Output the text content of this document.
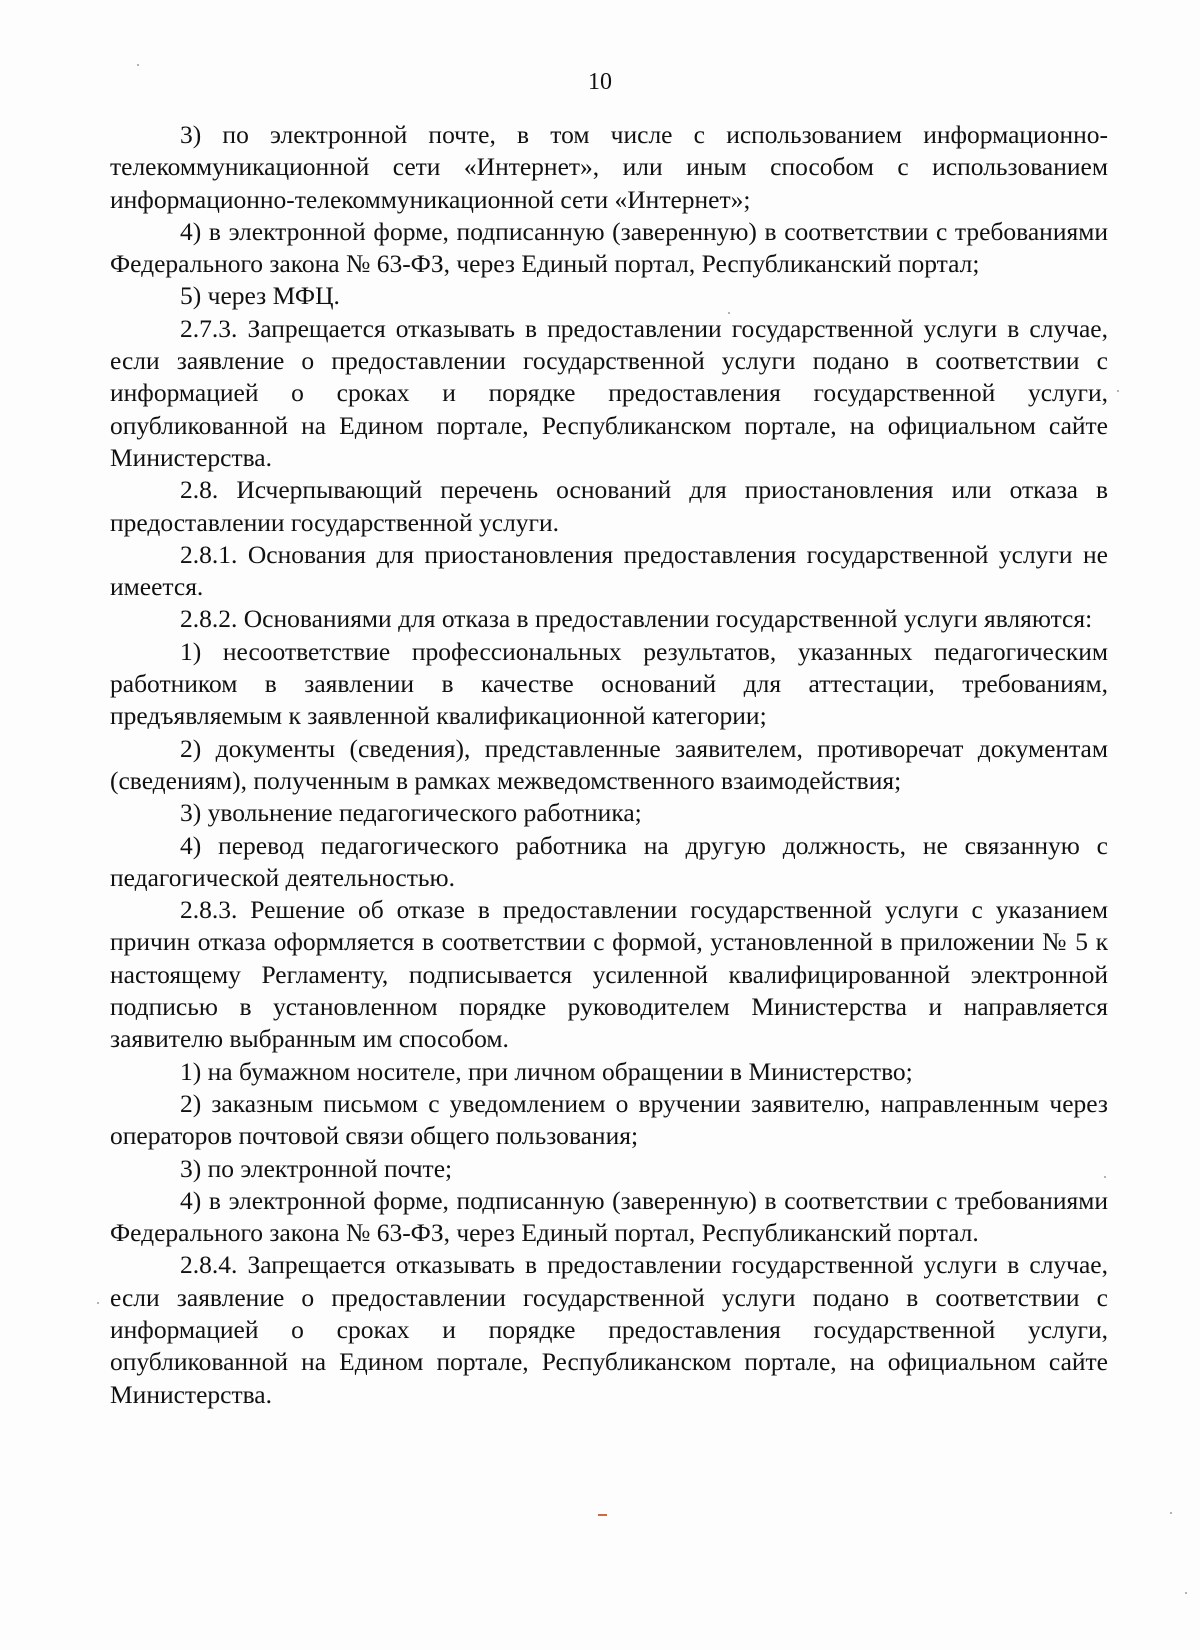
10

3) по электронной почте, в том числе с использованием информационно-телекоммуникационной сети «Интернет», или иным способом с использованием информационно-телекоммуникационной сети «Интернет»;

4) в электронной форме, подписанную (заверенную) в соответствии с требованиями Федерального закона № 63-ФЗ, через Единый портал, Республиканский портал;

5) через МФЦ.

2.7.3. Запрещается отказывать в предоставлении государственной услуги в случае, если заявление о предоставлении государственной услуги подано в соответствии с информацией о сроках и порядке предоставления государственной услуги, опубликованной на Едином портале, Республиканском портале, на официальном сайте Министерства.

2.8. Исчерпывающий перечень оснований для приостановления или отказа в предоставлении государственной услуги.

2.8.1. Основания для приостановления предоставления государственной услуги не имеется.

2.8.2. Основаниями для отказа в предоставлении государственной услуги являются:

1) несоответствие профессиональных результатов, указанных педагогическим работником в заявлении в качестве оснований для аттестации, требованиям, предъявляемым к заявленной квалификационной категории;

2) документы (сведения), представленные заявителем, противоречат документам (сведениям), полученным в рамках межведомственного взаимодействия;

3) увольнение педагогического работника;

4) перевод педагогического работника на другую должность, не связанную с педагогической деятельностью.

2.8.3. Решение об отказе в предоставлении государственной услуги с указанием причин отказа оформляется в соответствии с формой, установленной в приложении № 5 к настоящему Регламенту, подписывается усиленной квалифицированной электронной подписью в установленном порядке руководителем Министерства и направляется заявителю выбранным им способом.

1) на бумажном носителе, при личном обращении в Министерство;

2) заказным письмом с уведомлением о вручении заявителю, направленным через операторов почтовой связи общего пользования;

3) по электронной почте;

4) в электронной форме, подписанную (заверенную) в соответствии с требованиями Федерального закона № 63-ФЗ, через Единый портал, Республиканский портал.

2.8.4. Запрещается отказывать в предоставлении государственной услуги в случае, если заявление о предоставлении государственной услуги подано в соответствии с информацией о сроках и порядке предоставления государственной услуги, опубликованной на Едином портале, Республиканском портале, на официальном сайте Министерства.
